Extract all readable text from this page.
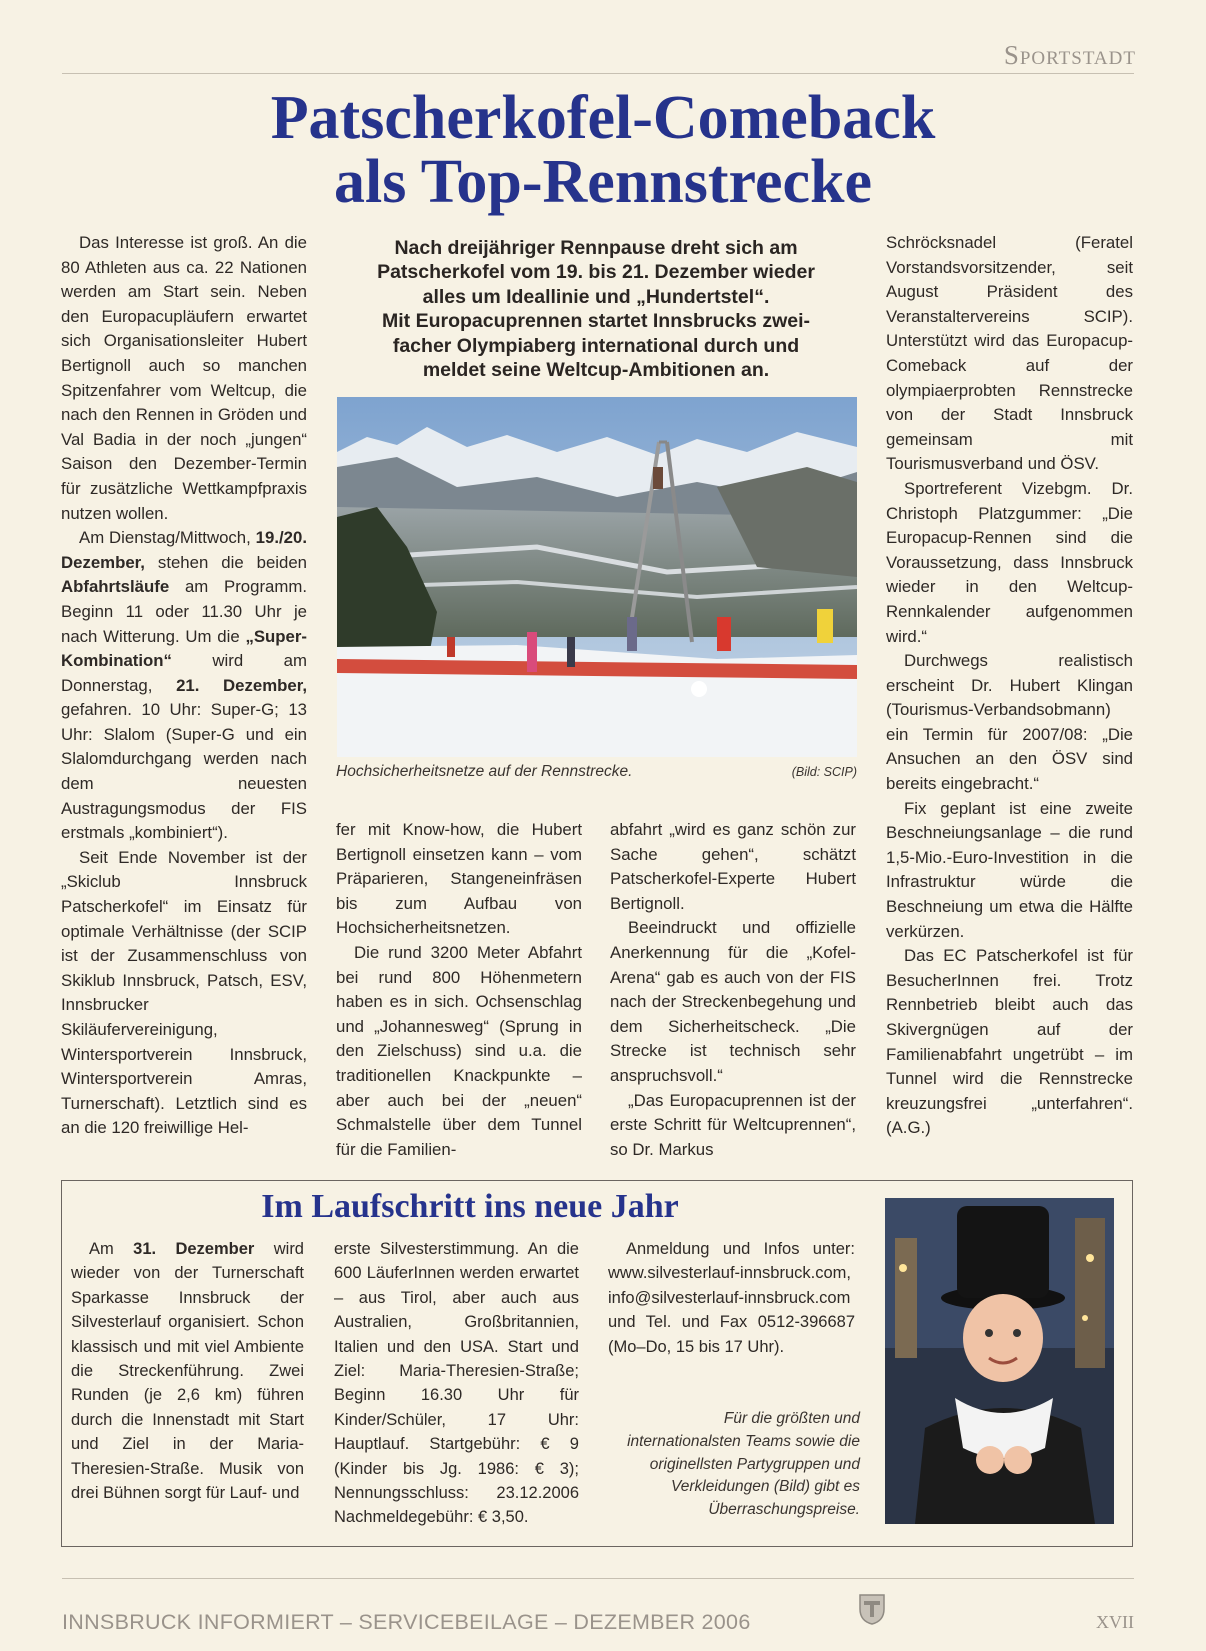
Sportstadt
Patscherkofel-Comeback
als Top-Rennstrecke

Das Interesse ist groß. An die 80 Athleten aus ca. 22 Nationen werden am Start sein. Neben den Europacupläufern erwartet sich Organisationsleiter Hubert Bertignoll auch so manchen Spitzenfahrer vom Weltcup, die nach den Rennen in Gröden und Val Badia in der noch „jungen“ Saison den Dezember-Termin für zusätzliche Wettkampfpraxis nutzen wollen.

Am Dienstag/Mittwoch, 19./20. Dezember, stehen die beiden Abfahrtsläufe am Programm. Beginn 11 oder 11.30 Uhr je nach Witterung. Um die „Super-Kombination“ wird am Donnerstag, 21. Dezember, gefahren. 10 Uhr: Super-G; 13 Uhr: Slalom (Super-G und ein Slalomdurchgang werden nach dem neuesten Austragungsmodus der FIS erstmals „kombiniert“).

Seit Ende November ist der „Skiclub Innsbruck Patscherkofel“ im Einsatz für optimale Verhältnisse (der SCIP ist der Zusammenschluss von Skiklub Innsbruck, Patsch, ESV, Innsbrucker Skiläufervereinigung, Wintersportverein Innsbruck, Wintersportverein Amras, Turnerschaft). Letztlich sind es an die 120 freiwillige Hel-

Nach dreijähriger Rennpause dreht sich am
Patscherkofel vom 19. bis 21. Dezember wieder
alles um Ideallinie und „Hundertstel“.
Mit Europacuprennen startet Innsbrucks zwei-
facher Olympiaberg international durch und
meldet seine Weltcup-Ambitionen an.
Hochsicherheitsnetze auf der Rennstrecke.	(Bild: SCIP)

fer mit Know-how, die Hubert Bertignoll einsetzen kann – vom Präparieren, Stangeneinfräsen bis zum Aufbau von Hochsicherheitsnetzen.

Die rund 3200 Meter Abfahrt bei rund 800 Höhenmetern haben es in sich. Ochsenschlag und „Johannesweg“ (Sprung in den Zielschuss) sind u.a. die traditionellen Knackpunkte – aber auch bei der „neuen“ Schmalstelle über dem Tunnel für die Familien-

abfahrt „wird es ganz schön zur Sache gehen“, schätzt Patscherkofel-Experte Hubert Bertignoll.

Beeindruckt und offizielle Anerkennung für die „Kofel-Arena“ gab es auch von der FIS nach der Streckenbegehung und dem Sicherheitscheck. „Die Strecke ist technisch sehr anspruchsvoll.“

„Das Europacuprennen ist der erste Schritt für Weltcuprennen“, so Dr. Markus

Schröcksnadel (Feratel Vorstandsvorsitzender, seit August Präsident des Veranstaltervereins SCIP). Unterstützt wird das Europacup-Comeback auf der olympiaerprobten Rennstrecke von der Stadt Innsbruck gemeinsam mit Tourismusverband und ÖSV.

Sportreferent Vizebgm. Dr. Christoph Platzgummer: „Die Europacup-Rennen sind die Voraussetzung, dass Innsbruck wieder in den Weltcup-Rennkalender aufgenommen wird.“

Durchwegs realistisch erscheint Dr. Hubert Klingan (Tourismus-Verbandsobmann) ein Termin für 2007/08: „Die Ansuchen an den ÖSV sind bereits eingebracht.“

Fix geplant ist eine zweite Beschneiungsanlage – die rund 1,5-Mio.-Euro-Investition in die Infrastruktur würde die Beschneiung um etwa die Hälfte verkürzen.

Das EC Patscherkofel ist für BesucherInnen frei. Trotz Rennbetrieb bleibt auch das Skivergnügen auf der Familienabfahrt ungetrübt – im Tunnel wird die Rennstrecke kreuzungsfrei „unterfahren“. (A.G.)

Im Laufschritt ins neue Jahr

Am 31. Dezember wird wieder von der Turnerschaft Sparkasse Innsbruck der Silvesterlauf organisiert. Schon klassisch und mit viel Ambiente die Streckenführung. Zwei Runden (je 2,6 km) führen durch die Innenstadt mit Start und Ziel in der Maria-Theresien-Straße. Musik von drei Bühnen sorgt für Lauf- und

erste Silvesterstimmung. An die 600 LäuferInnen werden erwartet – aus Tirol, aber auch aus Australien, Großbritannien, Italien und den USA. Start und Ziel: Maria-Theresien-Straße; Beginn 16.30 Uhr für Kinder/Schüler, 17 Uhr: Hauptlauf. Startgebühr: € 9 (Kinder bis Jg. 1986: € 3); Nennungsschluss: 23.12.2006 Nachmeldegebühr: € 3,50.

Anmeldung und Infos unter: www.silvesterlauf-innsbruck.com, info@silvesterlauf-innsbruck.com und Tel. und Fax 0512-396687 (Mo–Do, 15 bis 17 Uhr).

Für die größten und internationalsten Teams sowie die originellsten Partygruppen und Verkleidungen (Bild) gibt es Überraschungspreise.
INNSBRUCK INFORMIERT – SERVICEBEILAGE – DEZEMBER 2006	XVII
